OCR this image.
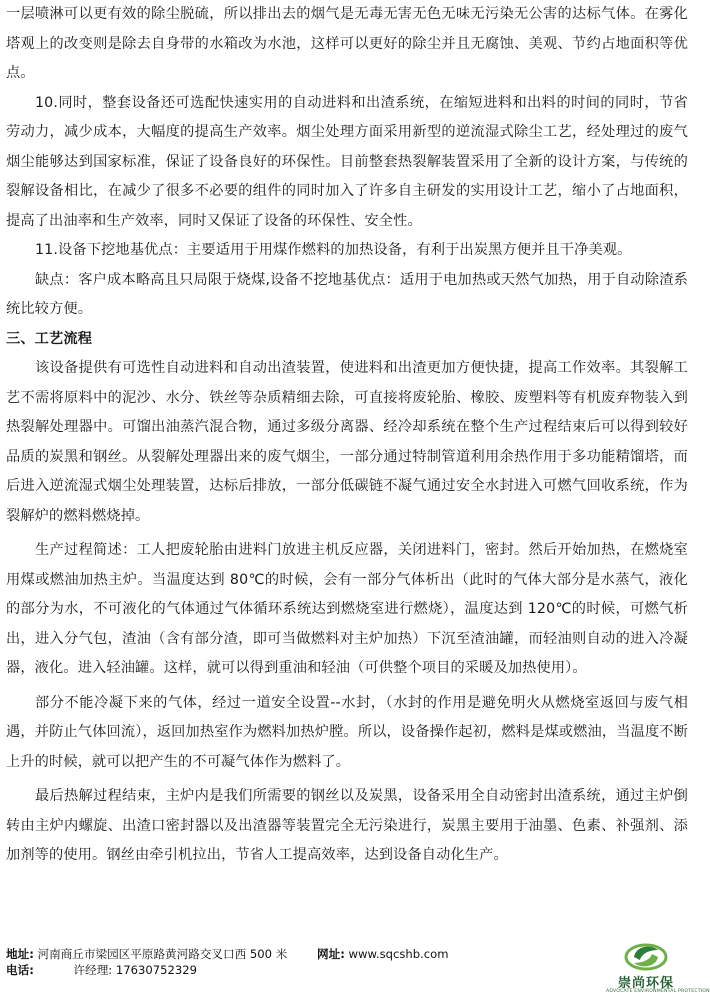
一层喷淋可以更有效的除尘脱硫，所以排出去的烟气是无毒无害无色无味无污染无公害的达标气体。在雾化塔观上的改变则是除去自身带的水箱改为水池，这样可以更好的除尘并且无腐蚀、美观、节约占地面积等优点。

10.同时，整套设备还可选配快速实用的自动进料和出渣系统，在缩短进料和出料的时间的同时，节省劳动力，减少成本，大幅度的提高生产效率。烟尘处理方面采用新型的逆流湿式除尘工艺，经处理过的废气烟尘能够达到国家标准，保证了设备良好的环保性。目前整套热裂解装置采用了全新的设计方案，与传统的裂解设备相比，在减少了很多不必要的组件的同时加入了许多自主研发的实用设计工艺，缩小了占地面积，提高了出油率和生产效率，同时又保证了设备的环保性、安全性。

11.设备下挖地基优点：主要适用于用煤作燃料的加热设备，有利于出炭黑方便并且干净美观。

缺点：客户成本略高且只局限于烧煤,设备不挖地基优点：适用于电加热或天然气加热，用于自动除渣系统比较方便。

三、工艺流程

该设备提供有可选性自动进料和自动出渣装置，使进料和出渣更加方便快捷，提高工作效率。其裂解工艺不需将原料中的泥沙、水分、铁丝等杂质精细去除，可直接将废轮胎、橡胶、废塑料等有机废弃物装入到热裂解处理器中。可馏出油蒸汽混合物，通过多级分离器、经冷却系统在整个生产过程结束后可以得到较好品质的炭黑和钢丝。从裂解处理器出来的废气烟尘，一部分通过特制管道利用余热作用于多功能精馏塔，而后进入逆流湿式烟尘处理装置，达标后排放，一部分低碳链不凝气通过安全水封进入可燃气回收系统，作为裂解炉的燃料燃烧掉。

生产过程简述：工人把废轮胎由进料门放进主机反应器，关闭进料门，密封。然后开始加热，在燃烧室用煤或燃油加热主炉。当温度达到 80℃的时候，会有一部分气体析出（此时的气体大部分是水蒸气，液化的部分为水，不可液化的气体通过气体循环系统达到燃烧室进行燃烧），温度达到 120℃的时候，可燃气析出，进入分气包，渣油（含有部分渣，即可当做燃料对主炉加热）下沉至渣油罐，而轻油则自动的进入冷凝器，液化。进入轻油罐。这样，就可以得到重油和轻油（可供整个项目的采暖及加热使用）。

部分不能冷凝下来的气体，经过一道安全设置--水封，（水封的作用是避免明火从燃烧室返回与废气相遇，并防止气体回流），返回加热室作为燃料加热炉膛。所以，设备操作起初，燃料是煤或燃油，当温度不断上升的时候，就可以把产生的不可凝气体作为燃料了。

最后热解过程结束，主炉内是我们所需要的钢丝以及炭黑，设备采用全自动密封出渣系统，通过主炉倒转由主炉内螺旋、出渣口密封器以及出渣器等装置完全无污染进行，炭黑主要用于油墨、色素、补强剂、添加剂等的使用。钢丝由牵引机拉出，节省人工提高效率，达到设备自动化生产。

地址: 河南商丘市梁园区平原路黄河路交叉口西 500 米	网址: www.sqcshb.com
电话:	许经理: 17630752329
崇尚环保
ADVOCATE ENVIRONMENTAL PROTECTION
